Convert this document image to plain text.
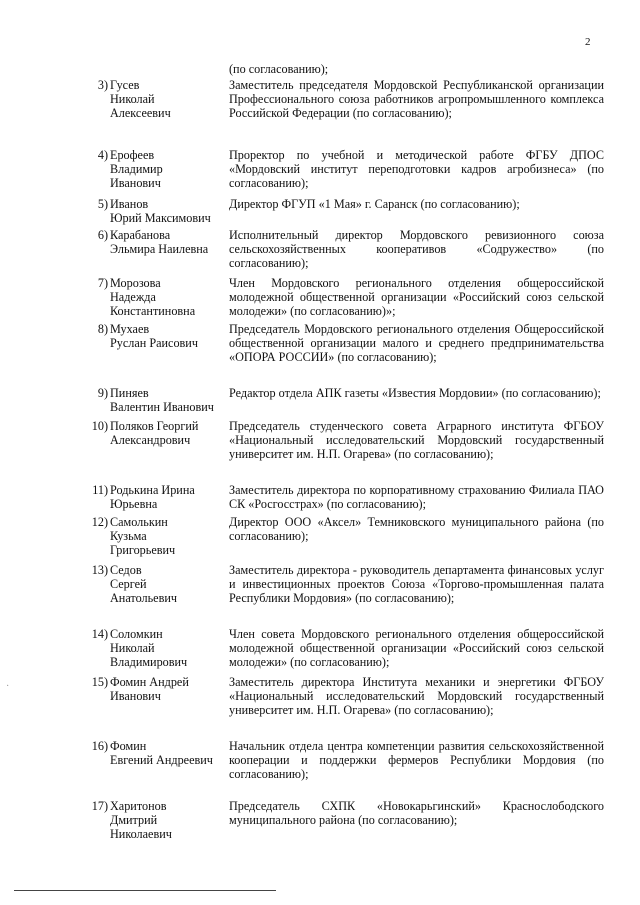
2
(по согласованию);
3) Гусев
Николай
Алексеевич
Заместитель председателя Мордовской Республиканской организации Профессионального союза работников агропромышленного комплекса Российской Федерации (по согласованию);
4) Ерофеев
Владимир
Иванович
Проректор по учебной и методической работе ФГБУ ДПОС «Мордовский институт переподготовки кадров агробизнеса» (по согласованию);
5) Иванов
Юрий Максимович
Директор ФГУП «1 Мая» г. Саранск (по согласованию);
6) Карабанова
Эльмира Наилевна
Исполнительный директор Мордовского ревизионного союза сельскохозяйственных кооперативов «Содружество» (по согласованию);
7) Морозова
Надежда
Константиновна
Член Мордовского регионального отделения общероссийской молодежной общественной организации «Российский союз сельской молодежи» (по согласованию)»;
8) Мухаев
Руслан Раисович
Председатель Мордовского регионального отделения Общероссийской общественной организации малого и среднего предпринимательства «ОПОРА РОССИИ» (по согласованию);
9) Пиняев
Валентин Иванович
Редактор отдела АПК газеты «Известия Мордовии» (по согласованию);
10) Поляков Георгий
Александрович
Председатель студенческого совета Аграрного института ФГБОУ «Национальный исследовательский Мордовский государственный университет им. Н.П. Огарева» (по согласованию);
11) Родькина Ирина
Юрьевна
Заместитель директора по корпоративному страхованию Филиала ПАО СК «Росгосстрах» (по согласованию);
12) Самолькин
Кузьма
Григорьевич
Директор ООО «Аксел» Темниковского муниципального района (по согласованию);
13) Седов
Сергей
Анатольевич
Заместитель директора - руководитель департамента финансовых услуг и инвестиционных проектов Союза «Торгово-промышленная палата Республики Мордовия» (по согласованию);
14) Соломкин
Николай
Владимирович
Член совета Мордовского регионального отделения общероссийской молодежной общественной организации «Российский союз сельской молодежи» (по согласованию);
15) Фомин Андрей
Иванович
Заместитель директора Института механики и энергетики ФГБОУ «Национальный исследовательский Мордовский государственный университет им. Н.П. Огарева» (по согласованию);
16) Фомин
Евгений Андреевич
Начальник отдела центра компетенции развития сельскохозяйственной кооперации и поддержки фермеров Республики Мордовия (по согласованию);
17) Харитонов
Дмитрий
Николаевич
Председатель СХПК «Новокарьгинский» Краснослободского муниципального района (по согласованию);
·
